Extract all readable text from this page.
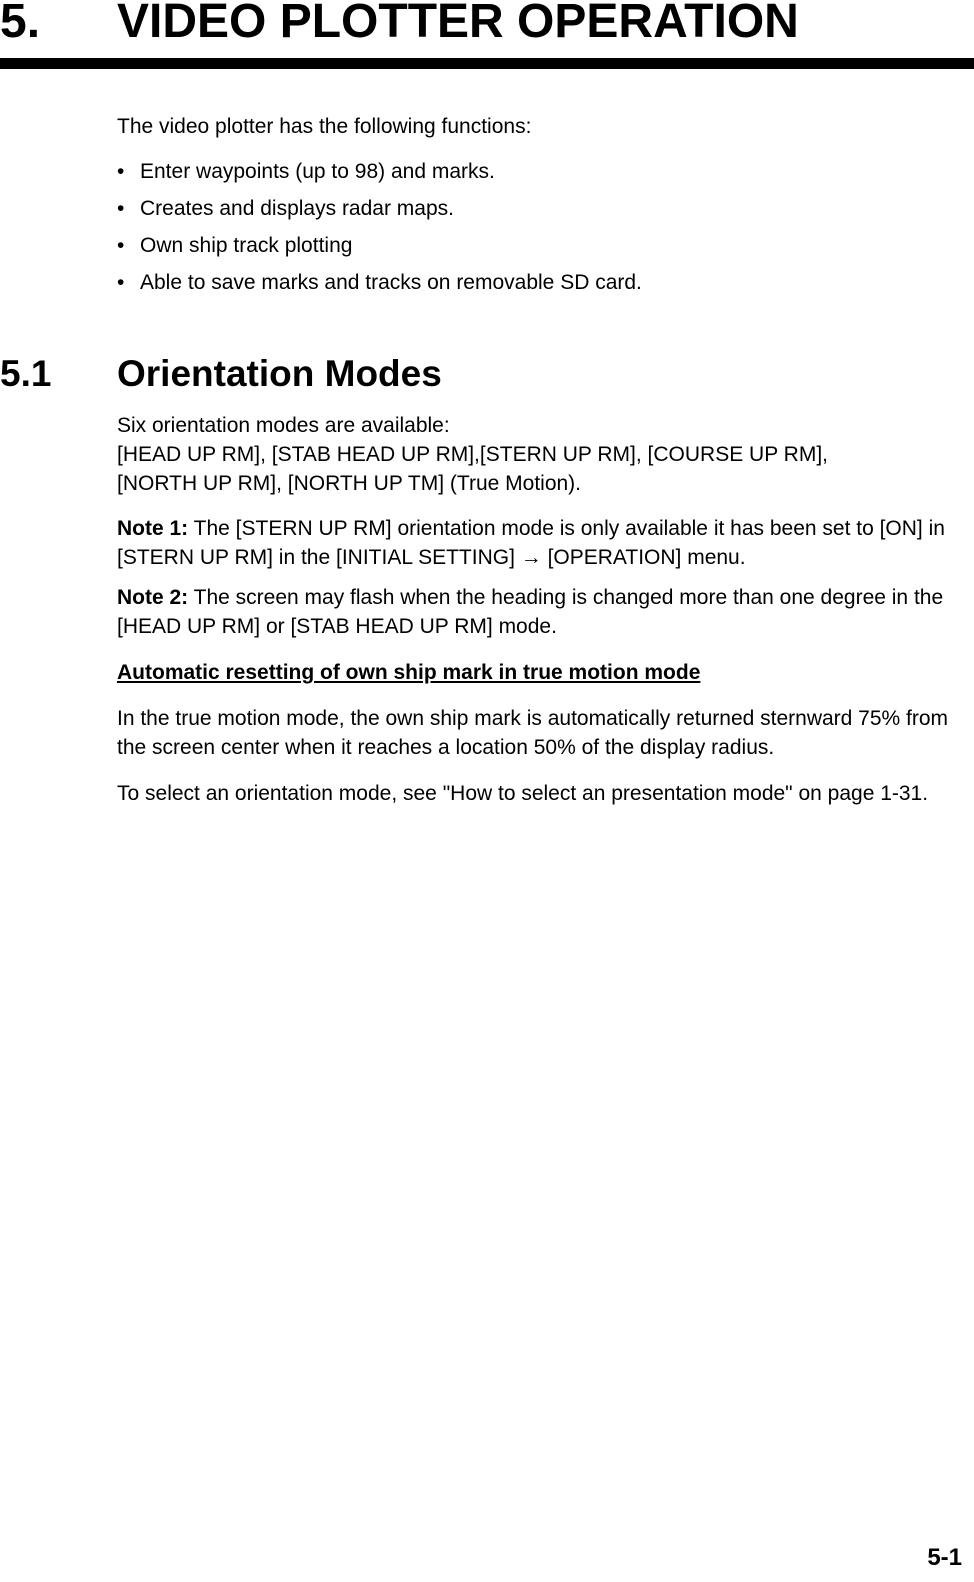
5. VIDEO PLOTTER OPERATION

The video plotter has the following functions:

• Enter waypoints (up to 98) and marks.
• Creates and displays radar maps.
• Own ship track plotting
• Able to save marks and tracks on removable SD card.
5.1 Orientation Modes
Six orientation modes are available:
[HEAD UP RM], [STAB HEAD UP RM],[STERN UP RM], [COURSE UP RM],
[NORTH UP RM], [NORTH UP TM] (True Motion).

Note 1: The [STERN UP RM] orientation mode is only available it has been set to [ON] in [STERN UP RM] in the [INITIAL SETTING] → [OPERATION] menu.

Note 2: The screen may flash when the heading is changed more than one degree in the [HEAD UP RM] or [STAB HEAD UP RM] mode.

Automatic resetting of own ship mark in true motion mode

In the true motion mode, the own ship mark is automatically returned sternward 75% from the screen center when it reaches a location 50% of the display radius.

To select an orientation mode, see "How to select an presentation mode" on page 1-31.

5-1
